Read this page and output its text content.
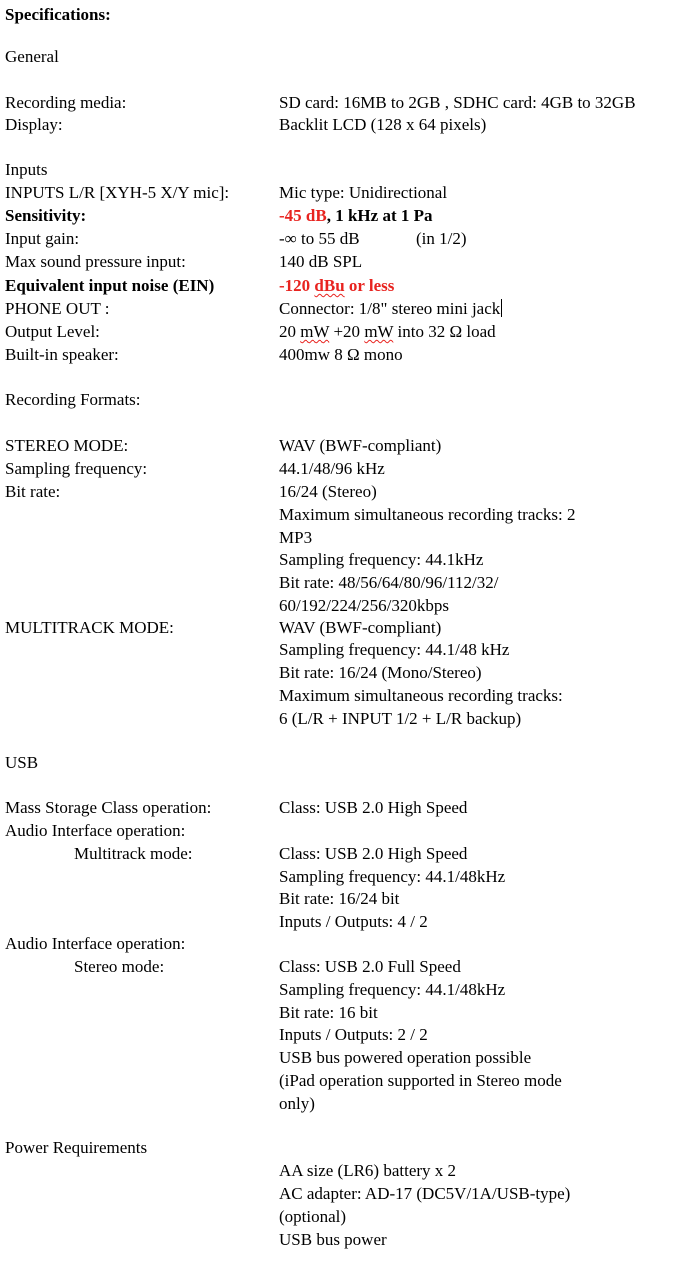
Specifications:
General
Recording media:	SD card: 16MB to 2GB , SDHC card: 4GB to 32GB
Display:	Backlit LCD (128 x 64 pixels)
Inputs
INPUTS L/R [XYH-5 X/Y mic]:	Mic type: Unidirectional
Sensitivity:	-45 dB, 1 kHz at 1 Pa
Input gain:	-∞ to 55 dB	(in 1/2)
Max sound pressure input:	140 dB SPL
Equivalent input noise (EIN)	-120 dBu or less
PHONE OUT :	Connector: 1/8" stereo mini jack
Output Level:	20 mW +20 mW into 32 Ω load
Built-in speaker:	400mw 8 Ω mono
Recording Formats:
STEREO MODE:	WAV (BWF-compliant)
Sampling frequency:	44.1/48/96 kHz
Bit rate:	16/24 (Stereo)
Maximum simultaneous recording tracks: 2
MP3
Sampling frequency: 44.1kHz
Bit rate: 48/56/64/80/96/112/32/
60/192/224/256/320kbps
MULTITRACK MODE:	WAV (BWF-compliant)
Sampling frequency: 44.1/48 kHz
Bit rate: 16/24 (Mono/Stereo)
Maximum simultaneous recording tracks:
6 (L/R + INPUT 1/2 + L/R backup)
USB
Mass Storage Class operation:	Class: USB 2.0 High Speed
Audio Interface operation:
Multitrack mode:	Class: USB 2.0 High Speed
Sampling frequency: 44.1/48kHz
Bit rate: 16/24 bit
Inputs / Outputs: 4 / 2
Audio Interface operation:
Stereo mode:	Class: USB 2.0 Full Speed
Sampling frequency: 44.1/48kHz
Bit rate: 16 bit
Inputs / Outputs: 2 / 2
USB bus powered operation possible
(iPad operation supported in Stereo mode
only)
Power Requirements
AA size (LR6) battery x 2
AC adapter: AD-17 (DC5V/1A/USB-type)
(optional)
USB bus power
